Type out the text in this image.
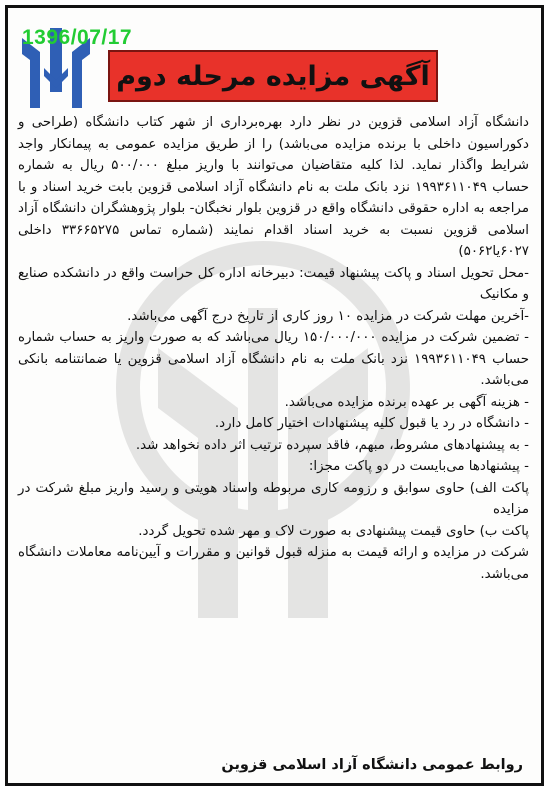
1396/07/17
آگهی مزایده مرحله دوم

دانشگاه آزاد اسلامی قزوین در نظر دارد بهره‌برداری از شهر کتاب دانشگاه (طراحی و دکوراسیون داخلی با برنده مزایده می‌باشد) را از طریق مزایده عمومی به پیمانکار واجد شرایط واگذار نماید. لذا کلیه متقاضیان می‌توانند با واریز مبلغ ۵۰۰/۰۰۰ ریال به شماره حساب ۱۹۹۳۶۱۱۰۴۹ نزد بانک ملت به نام دانشگاه آزاد اسلامی قزوین بابت خرید اسناد و با مراجعه به اداره حقوقی دانشگاه واقع در قزوین بلوار نخبگان- بلوار پژوهشگران دانشگاه آزاد اسلامی قزوین نسبت به خرید اسناد اقدام نمایند (شماره تماس ۳۳۶۶۵۲۷۵ داخلی ۶۰۲۷یا۵۰۶۲)

-محل تحویل اسناد و پاکت پیشنهاد قیمت: دبیرخانه اداره کل حراست واقع در دانشکده صنایع و مکانیک

-آخرین مهلت شرکت در مزایده ۱۰ روز کاری از تاریخ درج آگهی می‌باشد.

- تضمین شرکت در مزایده ۱۵۰/۰۰۰/۰۰۰ ریال می‌باشد که به صورت واریز به حساب شماره حساب ۱۹۹۳۶۱۱۰۴۹ نزد بانک ملت به نام دانشگاه آزاد اسلامی قزوین یا ضمانتنامه بانکی می‌باشد.

- هزینه آگهی بر عهده برنده مزایده می‌باشد.

- دانشگاه در رد یا قبول کلیه پیشنهادات اختیار کامل دارد.

- به پیشنهادهای مشروط، مبهم، فاقد سپرده ترتیب اثر داده نخواهد شد.

- پیشنهادها می‌بایست در دو پاکت مجزا:

پاکت الف) حاوی سوابق و رزومه کاری مربوطه واسناد هویتی و رسید واریز مبلغ شرکت در مزایده

پاکت ب) حاوی قیمت پیشنهادی به صورت لاک و مهر شده تحویل گردد.

شرکت در مزایده و ارائه قیمت به منزله قبول قوانین و مقررات و آیین‌نامه معاملات دانشگاه می‌باشد.

روابط عمومی دانشگاه آزاد اسلامی قزوین
